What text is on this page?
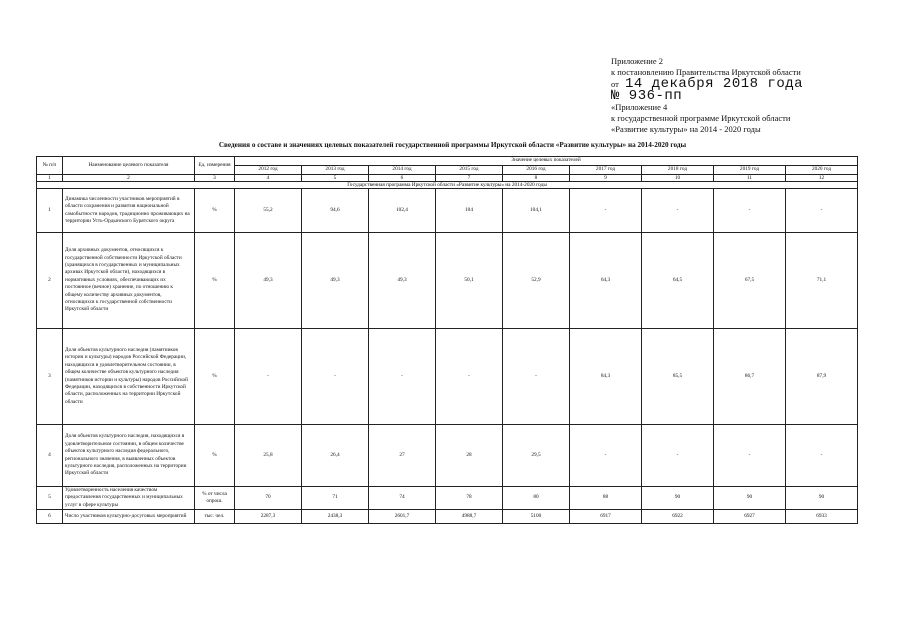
Приложение 2
к постановлению Правительства Иркутской области
от 14 декабря 2018 года
№ 936-пп
«Приложение 4
к государственной программе Иркутской области
«Развитие культуры» на 2014 - 2020 годы
Сведения о составе и значениях целевых показателей государственной программы Иркутской области «Развитие культуры» на 2014-2020 годы
№ п/п	Наименование целевого показателя	Ед. измерения	Значение целевых показателей								
			2012 год	2013 год	2014 год	2015 год	2016 год	2017 год	2018 год	2019 год	2020 год
1	2	3	4	5	6	7	8	9	10	11	12
Государственная программа Иркутской области «Развитие культуры» на 2014-2020 годы											
1	Динамика численности участников мероприятий в области сохранения и развития национальной самобытности народов, традиционно проживающих на территории Усть-Ордынского Бурятского округа	%	55,2	94,6	102,4	104	104,1	-	-	-	-
2	Доля архивных документов, относящихся к государственной собственности Иркутской области (хранящихся в государственных и муниципальных архивах Иркутской области), находящихся в нормативных условиях, обеспечивающих их постоянное (вечное) хранение, по отношению к общему количеству архивных документов, относящихся к государственной собственности Иркутской области	%	49,3	49,3	49,3	50,1	52,9	64,3	64,5	67,5	71,1
3	Доля объектов культурного наследия (памятников истории и культуры) народов Российской Федерации, находящихся в удовлетворительном состоянии, в общем количестве объектов культурного наследия (памятников истории и культуры) народов Российской Федерации, находящихся в собственности Иркутской области, расположенных на территории Иркутской области	%	-	-	-	-	-	84,3	85,5	86,7	87,9
4	Доля объектов культурного наследия, находящихся в удовлетворительном состоянии, в общем количестве объектов культурного наследия федерального, регионального значения, в выявленных объектов культурного наследия, расположенных на территории Иркутской области	%	25,8	26,4	27	28	29,5	-	-	-	-
5	Удовлетворенность населения качеством предоставления государственных и муниципальных услуг в сфере культуры	% от числа опрош.	70	71	74	78	80	88	90	90	90
6	Число участников культурно-досуговых мероприятий	тыс. чел.	2287,3	2438,3	2601,7	4988,7	5100	6917	6922	6927	6933
